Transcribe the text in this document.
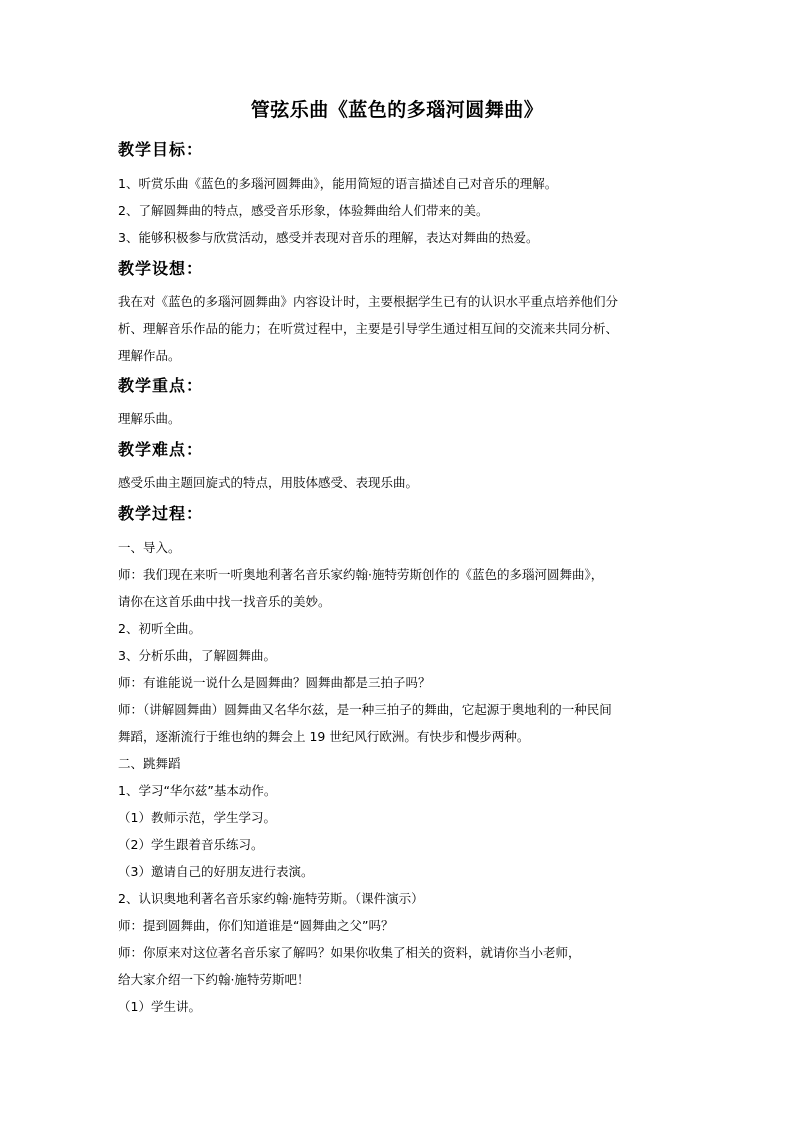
管弦乐曲《蓝色的多瑙河圆舞曲》
教学目标：
1、听赏乐曲《蓝色的多瑙河圆舞曲》，能用简短的语言描述自己对音乐的理解。
2、了解圆舞曲的特点，感受音乐形象，体验舞曲给人们带来的美。
3、能够积极参与欣赏活动，感受并表现对音乐的理解，表达对舞曲的热爱。
教学设想：
我在对《蓝色的多瑙河圆舞曲》内容设计时，主要根据学生已有的认识水平重点培养他们分
析、理解音乐作品的能力；在听赏过程中，主要是引导学生通过相互间的交流来共同分析、
理解作品。
教学重点：
理解乐曲。
教学难点：
感受乐曲主题回旋式的特点，用肢体感受、表现乐曲。
教学过程：
一、导入。
师：我们现在来听一听奥地利著名音乐家约翰·施特劳斯创作的《蓝色的多瑙河圆舞曲》，
请你在这首乐曲中找一找音乐的美妙。
2、初听全曲。
3、分析乐曲，了解圆舞曲。
师：有谁能说一说什么是圆舞曲？圆舞曲都是三拍子吗？
师：（讲解圆舞曲）圆舞曲又名华尔兹，是一种三拍子的舞曲，它起源于奥地利的一种民间
舞蹈，逐渐流行于维也纳的舞会上 19 世纪风行欧洲。有快步和慢步两种。
二、跳舞蹈
1、学习“华尔兹”基本动作。
（1）教师示范，学生学习。
（2）学生跟着音乐练习。
（3）邀请自己的好朋友进行表演。
2、认识奥地利著名音乐家约翰·施特劳斯。（课件演示）
师：提到圆舞曲，你们知道谁是“圆舞曲之父”吗？
师：你原来对这位著名音乐家了解吗？如果你收集了相关的资料，就请你当小老师，
给大家介绍一下约翰·施特劳斯吧！
（1）学生讲。
